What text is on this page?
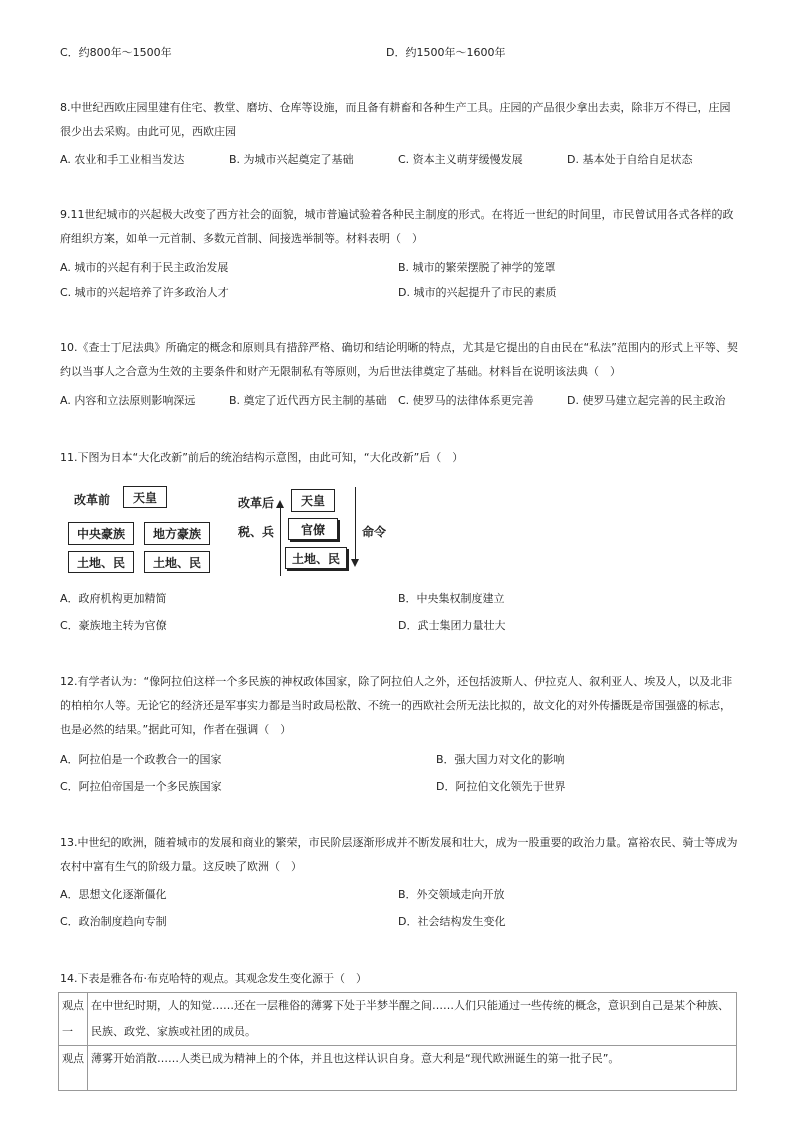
C．约800年～1500年	D．约1500年～1600年
8.中世纪西欧庄园里建有住宅、教堂、磨坊、仓库等设施，而且备有耕畜和各种生产工具。庄园的产品很少拿出去卖，除非万不得已，庄园很少出去采购。由此可见，西欧庄园
A. 农业和手工业相当发达	B. 为城市兴起奠定了基础	C. 资本主义萌芽缓慢发展	D. 基本处于自给自足状态
9.11世纪城市的兴起极大改变了西方社会的面貌，城市普遍试验着各种民主制度的形式。在将近一世纪的时间里，市民曾试用各式各样的政府组织方案，如单一元首制、多数元首制、间接选举制等。材料表明（　）
A. 城市的兴起有利于民主政治发展	B. 城市的繁荣摆脱了神学的笼罩
C. 城市的兴起培养了许多政治人才	D. 城市的兴起提升了市民的素质
10.《查士丁尼法典》所确定的概念和原则具有措辞严格、确切和结论明晰的特点，尤其是它提出的自由民在“私法”范围内的形式上平等、契约以当事人之合意为生效的主要条件和财产无限制私有等原则，为后世法律奠定了基础。材料旨在说明该法典（　）
A. 内容和立法原则影响深远	B. 奠定了近代西方民主制的基础 C. 使罗马的法律体系更完善	D. 使罗马建立起完善的民主政治
11.下图为日本“大化改新”前后的统治结构示意图，由此可知，“大化改新”后（　）
改革前	天皇
中央豪族	地方豪族
土地、民	土地、民
改革后
税、兵
天皇
官僚
土地、民
命令
A．政府机构更加精简	B．中央集权制度建立
C．豪族地主转为官僚	D．武士集团力量壮大
12.有学者认为：“像阿拉伯这样一个多民族的神权政体国家，除了阿拉伯人之外，还包括波斯人、伊拉克人、叙利亚人、埃及人，以及北非的柏柏尔人等。无论它的经济还是军事实力都是当时政局松散、不统一的西欧社会所无法比拟的，故文化的对外传播既是帝国强盛的标志，也是必然的结果。”据此可知，作者在强调（　）
A．阿拉伯是一个政教合一的国家	B．强大国力对文化的影响
C．阿拉伯帝国是一个多民族国家	D．阿拉伯文化领先于世界
13.中世纪的欧洲，随着城市的发展和商业的繁荣，市民阶层逐渐形成并不断发展和壮大，成为一股重要的政治力量。富裕农民、骑士等成为农村中富有生气的阶级力量。这反映了欧洲（　）
A．思想文化逐渐僵化	B．外交领域走向开放
C．政治制度趋向专制	D．社会结构发生变化
14.下表是雅各布·布克哈特的观点。其观念发生变化源于（　）
观点一	在中世纪时期，人的知觉……还在一层稚俗的薄雾下处于半梦半醒之间……人们只能通过一些传统的概念，意识到自己是某个种族、民族、政党、家族或社团的成员。
观点	薄雾开始消散……人类已成为精神上的个体，并且也这样认识自身。意大利是“现代欧洲诞生的第一批子民”。
